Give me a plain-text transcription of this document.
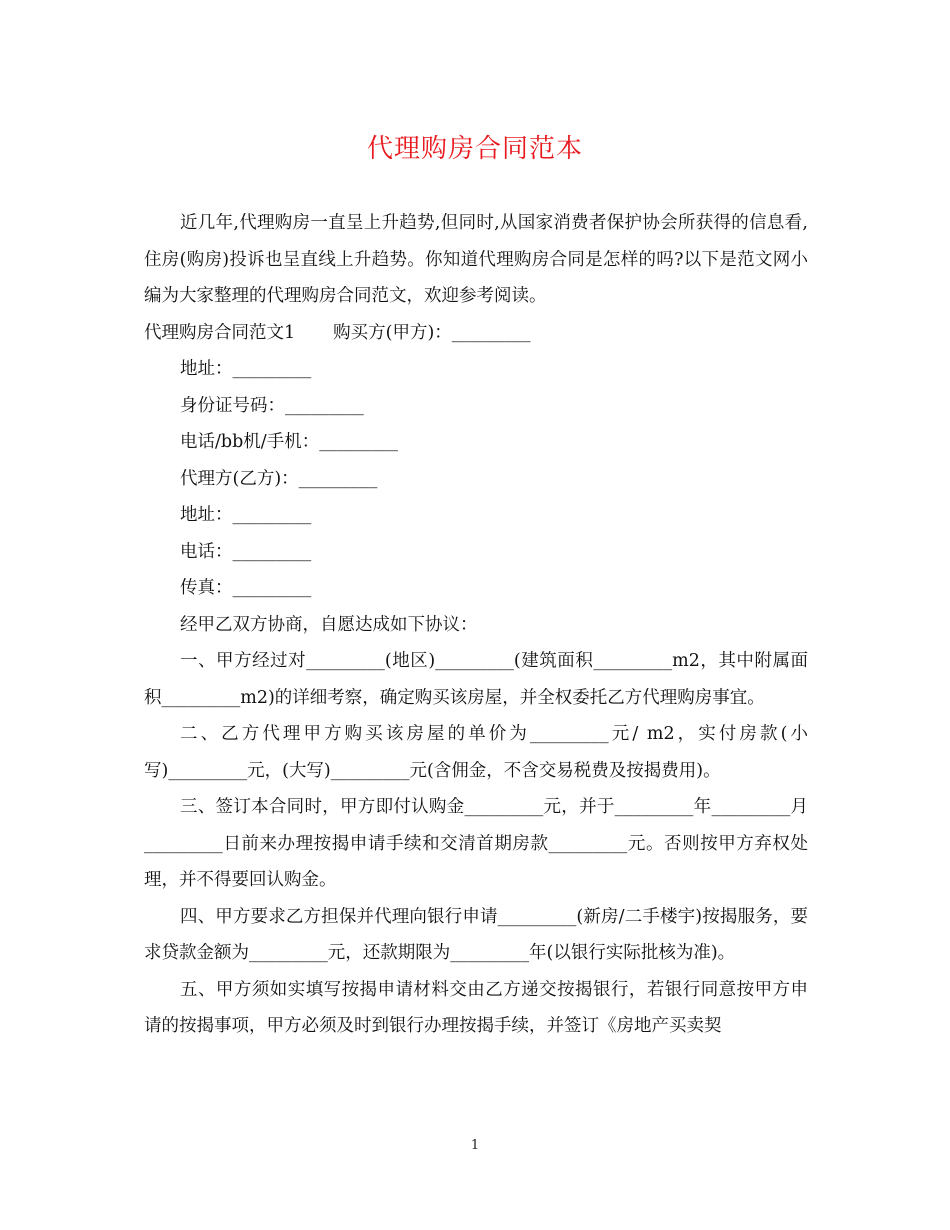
代理购房合同范本

近几年,代理购房一直呈上升趋势,但同时,从国家消费者保护协会所获得的信息看,住房(购房)投诉也呈直线上升趋势。你知道代理购房合同是怎样的吗?以下是范文网小编为大家整理的代理购房合同范文，欢迎参考阅读。

代理购房合同范文1 购买方(甲方)：_________

地址：_________

身份证号码：_________

电话/bb机/手机：_________

代理方(乙方)：_________

地址：_________

电话：_________

传真：_________

经甲乙双方协商，自愿达成如下协议：

一、甲方经过对_________(地区)_________(建筑面积_________m2，其中附属面积_________m2)的详细考察，确定购买该房屋，并全权委托乙方代理购房事宜。

二、乙方代理甲方购买该房屋的单价为_________元/ m2，实付房款(小写)_________元，(大写)_________元(含佣金，不含交易税费及按揭费用)。

三、签订本合同时，甲方即付认购金_________元，并于_________年_________月_________日前来办理按揭申请手续和交清首期房款_________元。否则按甲方弃权处理，并不得要回认购金。

四、甲方要求乙方担保并代理向银行申请_________(新房/二手楼宇)按揭服务，要求贷款金额为_________元，还款期限为_________年(以银行实际批核为准)。

五、甲方须如实填写按揭申请材料交由乙方递交按揭银行，若银行同意按甲方申请的按揭事项，甲方必须及时到银行办理按揭手续，并签订《房地产买卖契

1
